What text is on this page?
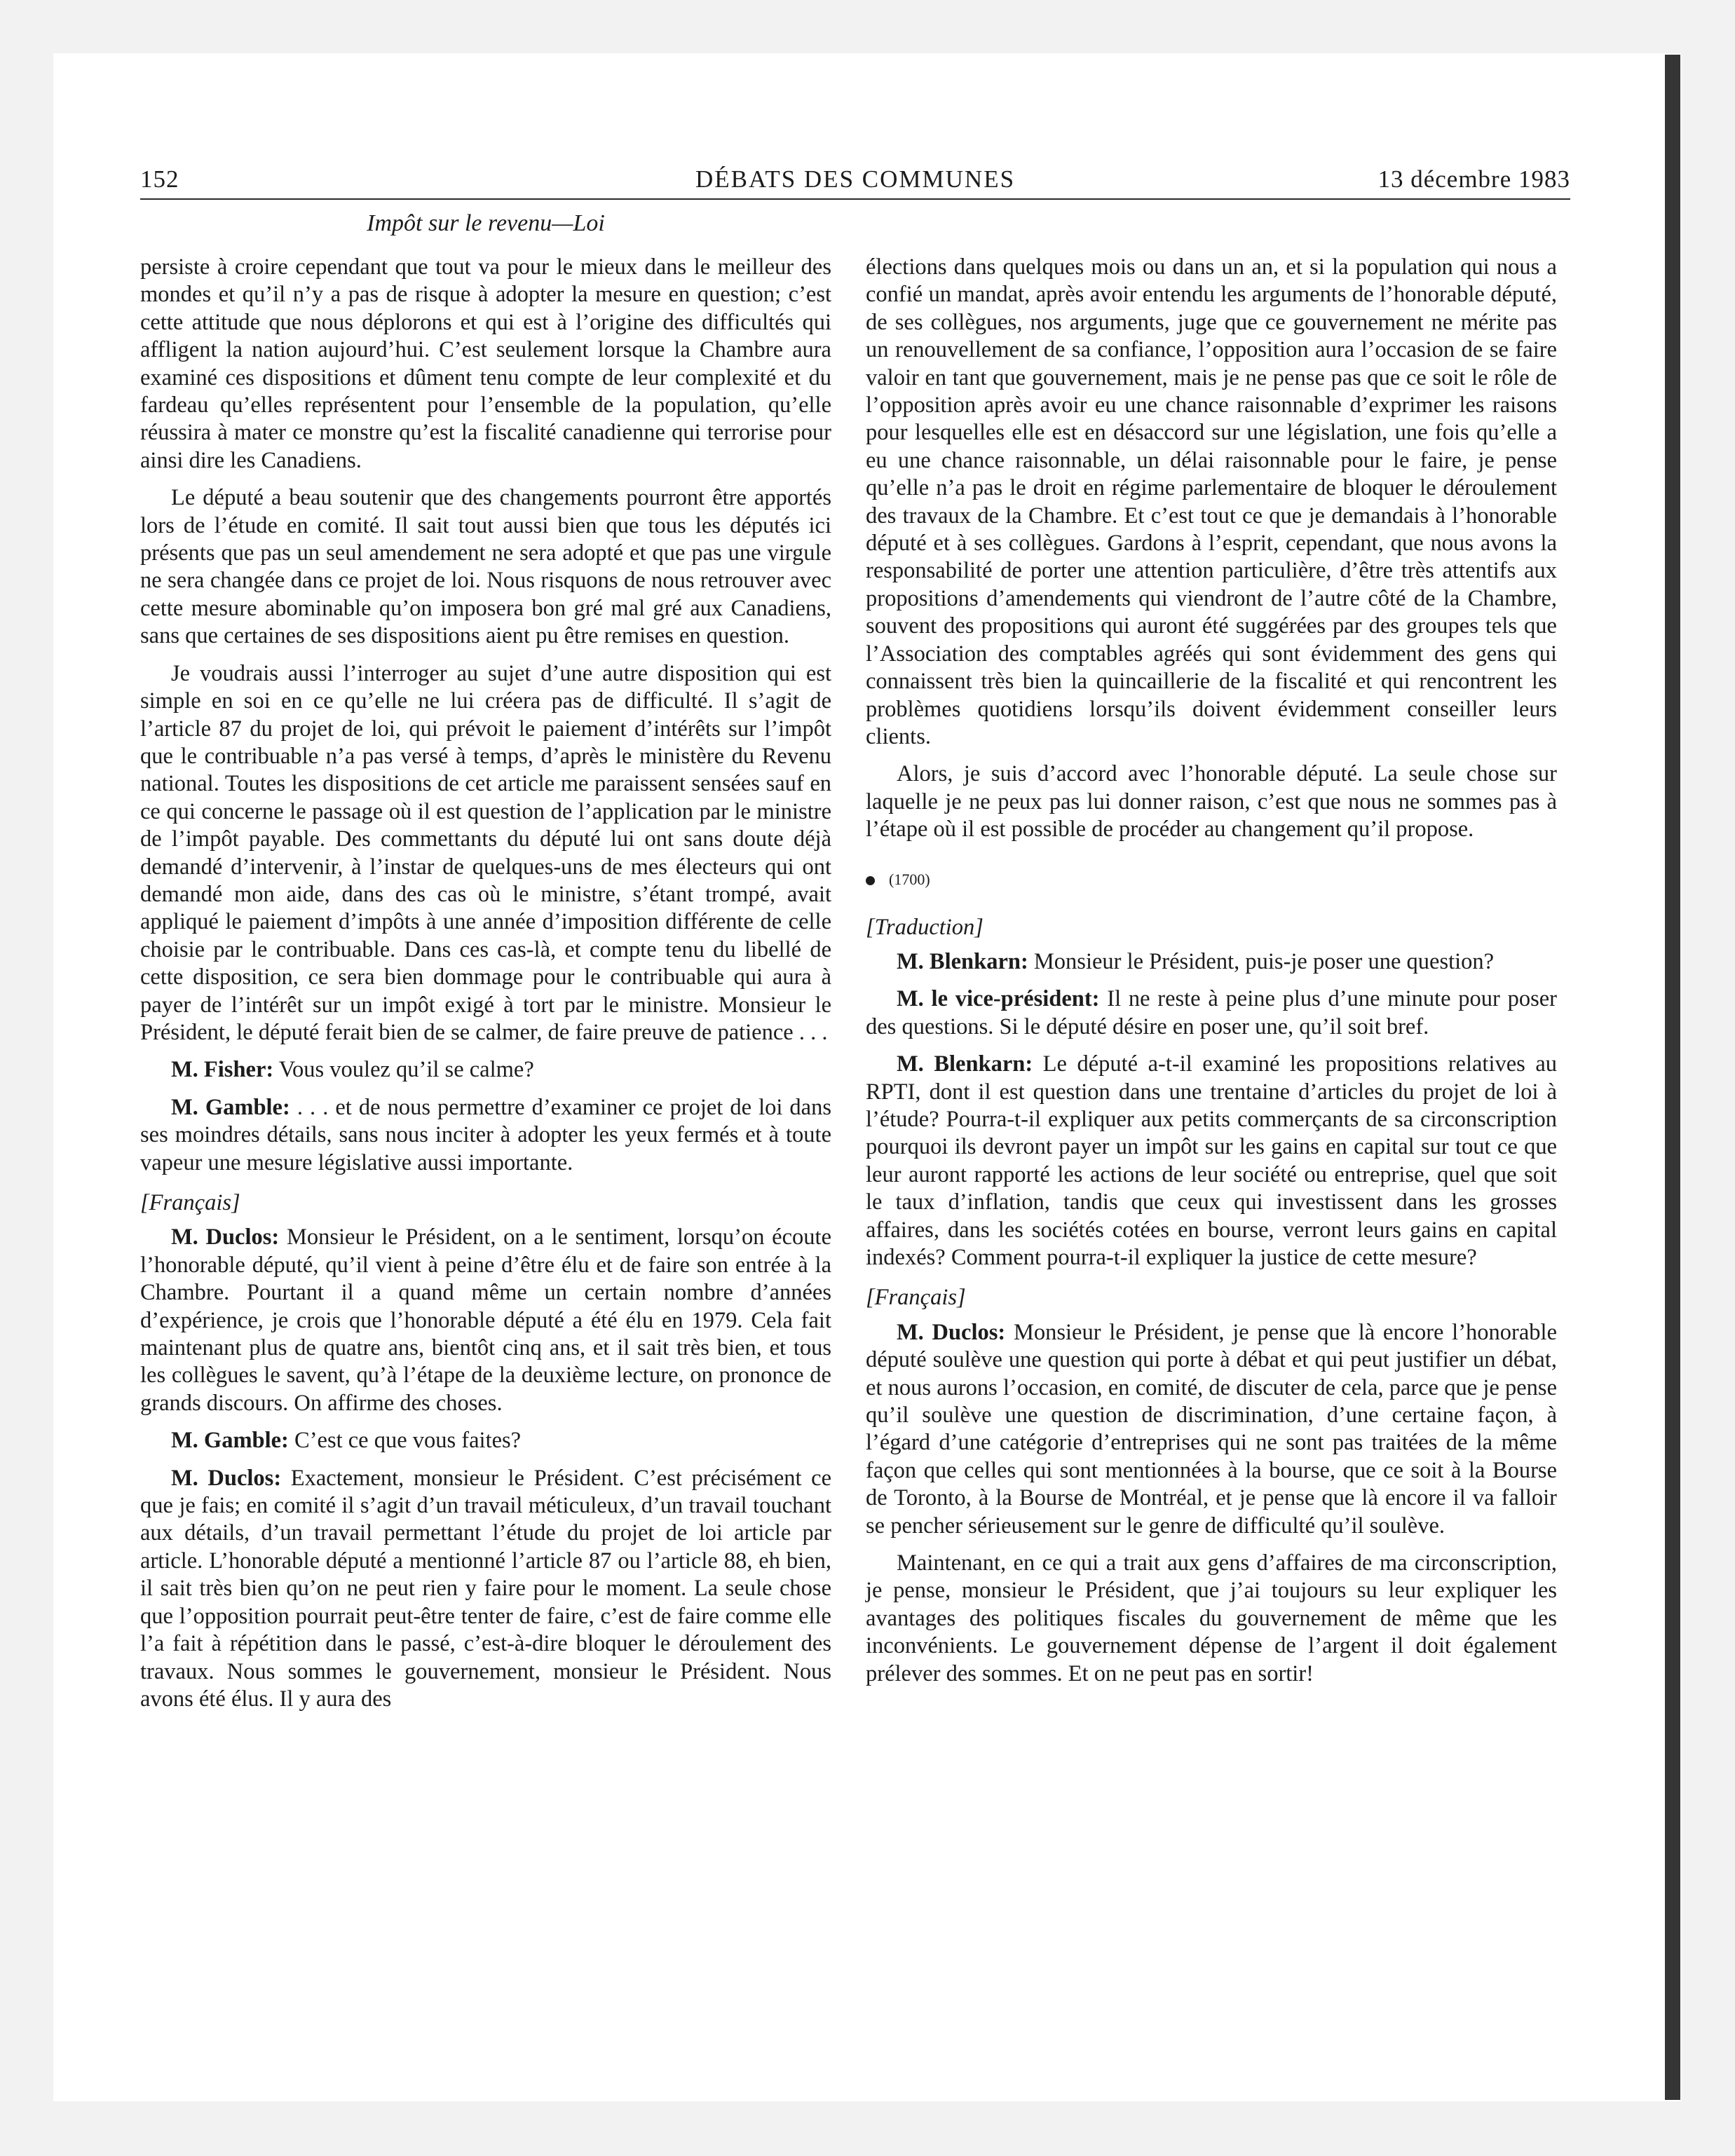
152	DÉBATS DES COMMUNES	13 décembre 1983
Impôt sur le revenu—Loi

persiste à croire cependant que tout va pour le mieux dans le meilleur des mondes et qu’il n’y a pas de risque à adopter la mesure en question; c’est cette attitude que nous déplorons et qui est à l’origine des difficultés qui affligent la nation aujourd’hui. C’est seulement lorsque la Chambre aura examiné ces dispositions et dûment tenu compte de leur complexité et du fardeau qu’elles représentent pour l’ensemble de la population, qu’elle réussira à mater ce monstre qu’est la fiscalité canadienne qui terrorise pour ainsi dire les Canadiens.

Le député a beau soutenir que des changements pourront être apportés lors de l’étude en comité. Il sait tout aussi bien que tous les députés ici présents que pas un seul amendement ne sera adopté et que pas une virgule ne sera changée dans ce projet de loi. Nous risquons de nous retrouver avec cette mesure abominable qu’on imposera bon gré mal gré aux Canadiens, sans que certaines de ses dispositions aient pu être remises en question.

Je voudrais aussi l’interroger au sujet d’une autre disposition qui est simple en soi en ce qu’elle ne lui créera pas de difficulté. Il s’agit de l’article 87 du projet de loi, qui prévoit le paiement d’intérêts sur l’impôt que le contribuable n’a pas versé à temps, d’après le ministère du Revenu national. Toutes les dispositions de cet article me paraissent sensées sauf en ce qui concerne le passage où il est question de l’application par le ministre de l’impôt payable. Des commettants du député lui ont sans doute déjà demandé d’intervenir, à l’instar de quelques-uns de mes électeurs qui ont demandé mon aide, dans des cas où le ministre, s’étant trompé, avait appliqué le paiement d’impôts à une année d’imposition différente de celle choisie par le contribuable. Dans ces cas-là, et compte tenu du libellé de cette disposition, ce sera bien dommage pour le contribuable qui aura à payer de l’intérêt sur un impôt exigé à tort par le ministre. Monsieur le Président, le député ferait bien de se calmer, de faire preuve de patience . . .

M. Fisher: Vous voulez qu’il se calme?

M. Gamble: . . . et de nous permettre d’examiner ce projet de loi dans ses moindres détails, sans nous inciter à adopter les yeux fermés et à toute vapeur une mesure législative aussi importante.

[Français]

M. Duclos: Monsieur le Président, on a le sentiment, lorsqu’on écoute l’honorable député, qu’il vient à peine d’être élu et de faire son entrée à la Chambre. Pourtant il a quand même un certain nombre d’années d’expérience, je crois que l’honorable député a été élu en 1979. Cela fait maintenant plus de quatre ans, bientôt cinq ans, et il sait très bien, et tous les collègues le savent, qu’à l’étape de la deuxième lecture, on prononce de grands discours. On affirme des choses.

M. Gamble: C’est ce que vous faites?

M. Duclos: Exactement, monsieur le Président. C’est précisément ce que je fais; en comité il s’agit d’un travail méticuleux, d’un travail touchant aux détails, d’un travail permettant l’étude du projet de loi article par article. L’honorable député a mentionné l’article 87 ou l’article 88, eh bien, il sait très bien qu’on ne peut rien y faire pour le moment. La seule chose que l’opposition pourrait peut-être tenter de faire, c’est de faire comme elle l’a fait à répétition dans le passé, c’est-à-dire bloquer le déroulement des travaux. Nous sommes le gouvernement, monsieur le Président. Nous avons été élus. Il y aura des

élections dans quelques mois ou dans un an, et si la population qui nous a confié un mandat, après avoir entendu les arguments de l’honorable député, de ses collègues, nos arguments, juge que ce gouvernement ne mérite pas un renouvellement de sa confiance, l’opposition aura l’occasion de se faire valoir en tant que gouvernement, mais je ne pense pas que ce soit le rôle de l’opposition après avoir eu une chance raisonnable d’exprimer les raisons pour lesquelles elle est en désaccord sur une législation, une fois qu’elle a eu une chance raisonnable, un délai raisonnable pour le faire, je pense qu’elle n’a pas le droit en régime parlementaire de bloquer le déroulement des travaux de la Chambre. Et c’est tout ce que je demandais à l’honorable député et à ses collègues. Gardons à l’esprit, cependant, que nous avons la responsabilité de porter une attention particulière, d’être très attentifs aux propositions d’amendements qui viendront de l’autre côté de la Chambre, souvent des propositions qui auront été suggérées par des groupes tels que l’Association des comptables agréés qui sont évidemment des gens qui connaissent très bien la quincaillerie de la fiscalité et qui rencontrent les problèmes quotidiens lorsqu’ils doivent évidemment conseiller leurs clients.

Alors, je suis d’accord avec l’honorable député. La seule chose sur laquelle je ne peux pas lui donner raison, c’est que nous ne sommes pas à l’étape où il est possible de procéder au changement qu’il propose.

(1700)

[Traduction]

M. Blenkarn: Monsieur le Président, puis-je poser une question?

M. le vice-président: Il ne reste à peine plus d’une minute pour poser des questions. Si le député désire en poser une, qu’il soit bref.

M. Blenkarn: Le député a-t-il examiné les propositions relatives au RPTI, dont il est question dans une trentaine d’articles du projet de loi à l’étude? Pourra-t-il expliquer aux petits commerçants de sa circonscription pourquoi ils devront payer un impôt sur les gains en capital sur tout ce que leur auront rapporté les actions de leur société ou entreprise, quel que soit le taux d’inflation, tandis que ceux qui investissent dans les grosses affaires, dans les sociétés cotées en bourse, verront leurs gains en capital indexés? Comment pourra-t-il expliquer la justice de cette mesure?

[Français]

M. Duclos: Monsieur le Président, je pense que là encore l’honorable député soulève une question qui porte à débat et qui peut justifier un débat, et nous aurons l’occasion, en comité, de discuter de cela, parce que je pense qu’il soulève une question de discrimination, d’une certaine façon, à l’égard d’une catégorie d’entreprises qui ne sont pas traitées de la même façon que celles qui sont mentionnées à la bourse, que ce soit à la Bourse de Toronto, à la Bourse de Montréal, et je pense que là encore il va falloir se pencher sérieusement sur le genre de difficulté qu’il soulève.

Maintenant, en ce qui a trait aux gens d’affaires de ma circonscription, je pense, monsieur le Président, que j’ai toujours su leur expliquer les avantages des politiques fiscales du gouvernement de même que les inconvénients. Le gouvernement dépense de l’argent il doit également prélever des sommes. Et on ne peut pas en sortir!
